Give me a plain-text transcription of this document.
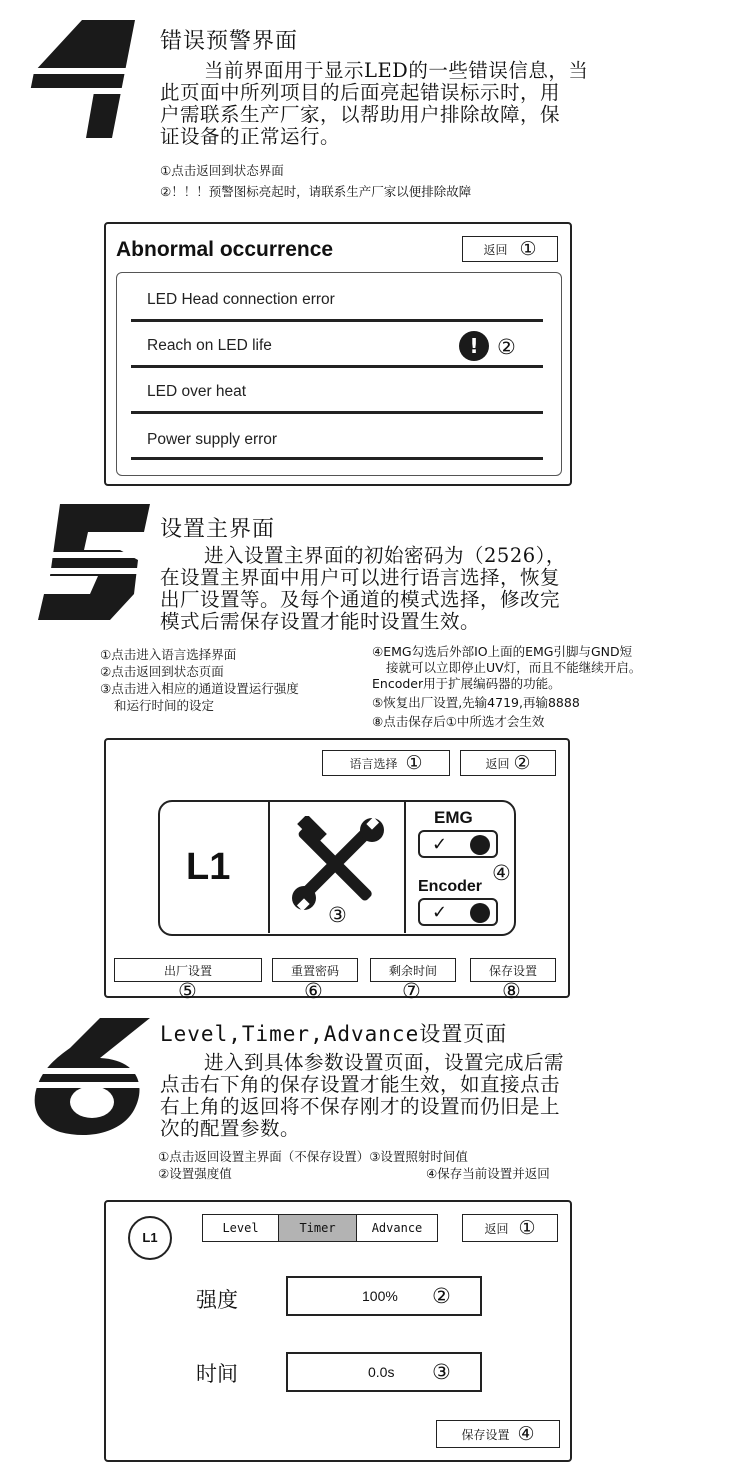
错误预警界面
当前界面用于显示LED的一些错误信息，当
此页面中所列项目的后面亮起错误标示时，用
户需联系生产厂家，以帮助用户排除故障，保
证设备的正常运行。
①点击返回到状态界面
②！！！预警图标亮起时，请联系生产厂家以便排除故障
Abnormal occurrence	返回 ①
LED Head connection error
Reach on LED life	! ②
LED over heat
Power supply error
设置主界面
进入设置主界面的初始密码为（2526），
在设置主界面中用户可以进行语言选择，恢复
出厂设置等。及每个通道的模式选择，修改完
模式后需保存设置才能时设置生效。
①点击进入语言选择界面
②点击返回到状态页面
③点击进入相应的通道设置运行强度
和运行时间的设定
④EMG勾选后外部IO上面的EMG引脚与GND短
接就可以立即停止UV灯，而且不能继续开启。
Encoder用于扩展编码器的功能。
⑤恢复出厂设置,先输4719,再输8888
⑧点击保存后①中所选才会生效
语言选择 ①	返回 ②
L1
③
EMG
✓
④
Encoder
✓
出厂设置
⑤
重置密码
⑥
剩余时间
⑦
保存设置
⑧
Level,Timer,Advance设置页面
进入到具体参数设置页面，设置完成后需
点击右下角的保存设置才能生效，如直接点击
右上角的返回将不保存刚才的设置而仍旧是上
次的配置参数。
①点击返回设置主界面（不保存设置）③设置照射时间值
②设置强度值	④保存当前设置并返回
L1
Level	Timer	Advance	返回 ①
强度	100% ②
时间	0.0s ③
保存设置 ④
